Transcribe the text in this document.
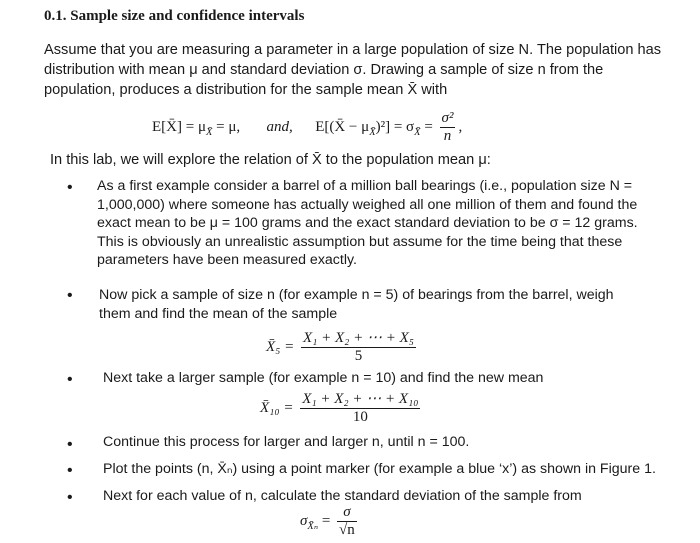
0.1. Sample size and confidence intervals
Assume that you are measuring a parameter in a large population of size N. The population has
distribution with mean μ and standard deviation σ. Drawing a sample of size n from the
population, produces a distribution for the sample mean X̄ with
E[X̄] = $\mu_{X̄} = \mu$, and, E[(X̄ − $\mu_{X̄})^2] = \sigma_{X̄} = \frac{\text{σ²}}{n}$ ,
In this lab, we will explore the relation of X̄ to the population mean μ:
• As a first example consider a barrel of a million ball bearings (i.e., population size N =
1,000,000) where someone has actually weighed all one million of them and found the
exact mean to be μ = 100 grams and the exact standard deviation to be σ = 12 grams.
This is obviously an unrealistic assumption but assume for the time being that these
parameters have been measured exactly.
• Now pick a sample of size n (for example n = 5) of bearings from the barrel, weigh
them and find the mean of the sample
X̄₅ = $\frac{\text{X₁ + X₂ + ⋯ + X₅}}{5}$
• Next take a larger sample (for example n = 10) and find the new mean
X̄₁₀ = $\frac{\text{X₁ + X₂ + ⋯ + X₁₀}}{10}$
• Continue this process for larger and larger n, until n = 100.
• Plot the points (n, X̄ₙ) using a point marker (for example a blue ‘x’) as shown in Figure 1.
• Next for each value of n, calculate the standard deviation of the sample from
$\sigma_{X̄_n} = \frac{\sigma}{√n}$
